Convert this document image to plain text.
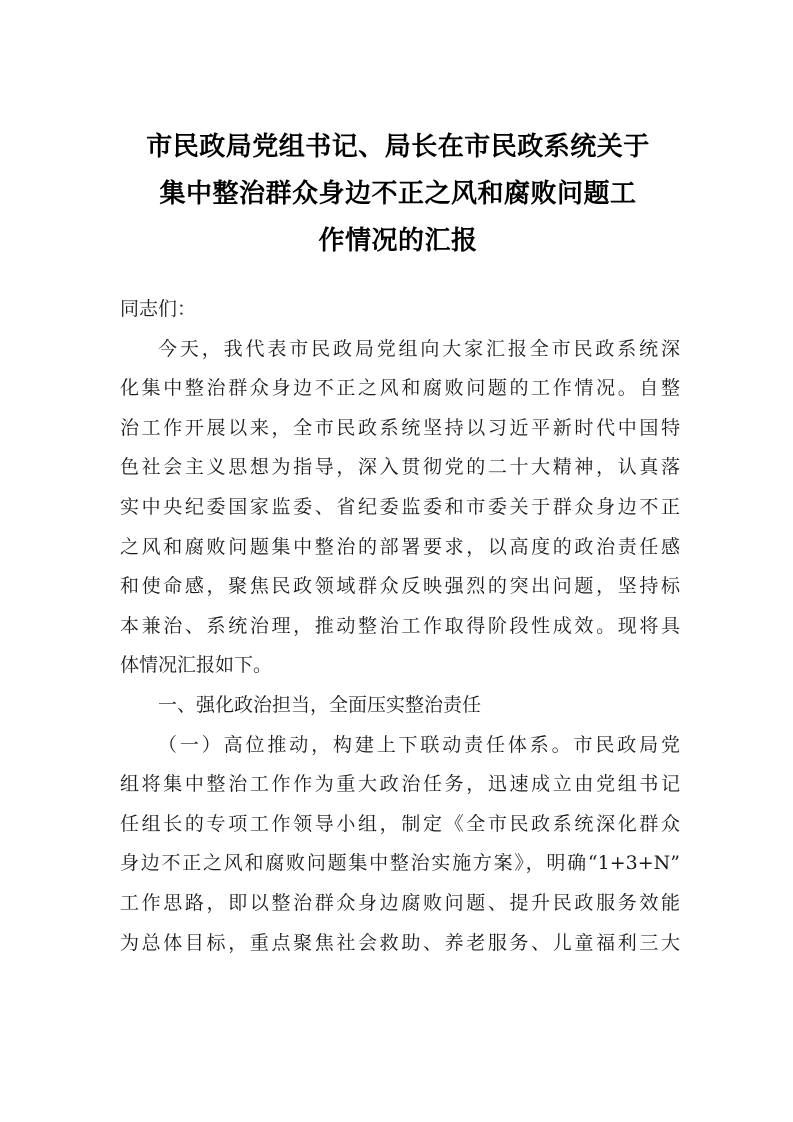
市民政局党组书记、局长在市民政系统关于
集中整治群众身边不正之风和腐败问题工
作情况的汇报
同志们：
今天，我代表市民政局党组向大家汇报全市民政系统深
化集中整治群众身边不正之风和腐败问题的工作情况。自整
治工作开展以来，全市民政系统坚持以习近平新时代中国特
色社会主义思想为指导，深入贯彻党的二十大精神，认真落
实中央纪委国家监委、省纪委监委和市委关于群众身边不正
之风和腐败问题集中整治的部署要求，以高度的政治责任感
和使命感，聚焦民政领域群众反映强烈的突出问题，坚持标
本兼治、系统治理，推动整治工作取得阶段性成效。现将具
体情况汇报如下。
一、强化政治担当，全面压实整治责任
（一）高位推动，构建上下联动责任体系。市民政局党
组将集中整治工作作为重大政治任务，迅速成立由党组书记
任组长的专项工作领导小组，制定《全市民政系统深化群众
身边不正之风和腐败问题集中整治实施方案》，明确“1+3+N”
工作思路，即以整治群众身边腐败问题、提升民政服务效能
为总体目标，重点聚焦社会救助、养老服务、儿童福利三大
